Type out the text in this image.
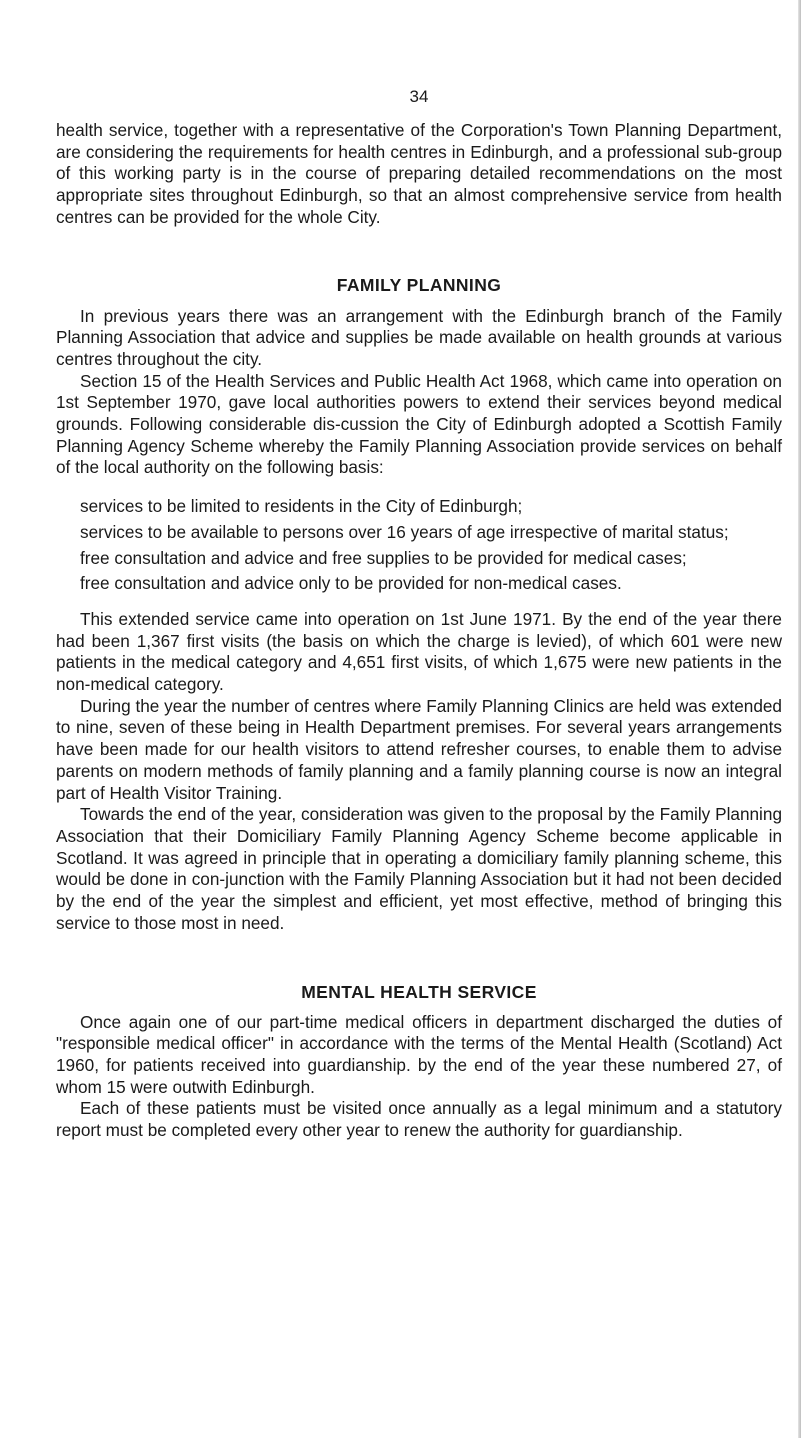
34

health service, together with a representative of the Corporation's Town Planning Department, are considering the requirements for health centres in Edinburgh, and a professional sub-group of this working party is in the course of preparing detailed recommendations on the most appropriate sites throughout Edinburgh, so that an almost comprehensive service from health centres can be provided for the whole City.

FAMILY PLANNING

In previous years there was an arrangement with the Edinburgh branch of the Family Planning Association that advice and supplies be made available on health grounds at various centres throughout the city.

Section 15 of the Health Services and Public Health Act 1968, which came into operation on 1st September 1970, gave local authorities powers to extend their services beyond medical grounds. Following considerable dis-cussion the City of Edinburgh adopted a Scottish Family Planning Agency Scheme whereby the Family Planning Association provide services on behalf of the local authority on the following basis:

services to be limited to residents in the City of Edinburgh;

services to be available to persons over 16 years of age irrespective of marital status;

free consultation and advice and free supplies to be provided for medical cases;

free consultation and advice only to be provided for non-medical cases.

This extended service came into operation on 1st June 1971. By the end of the year there had been 1,367 first visits (the basis on which the charge is levied), of which 601 were new patients in the medical category and 4,651 first visits, of which 1,675 were new patients in the non-medical category.

During the year the number of centres where Family Planning Clinics are held was extended to nine, seven of these being in Health Department premises. For several years arrangements have been made for our health visitors to attend refresher courses, to enable them to advise parents on modern methods of family planning and a family planning course is now an integral part of Health Visitor Training.

Towards the end of the year, consideration was given to the proposal by the Family Planning Association that their Domiciliary Family Planning Agency Scheme become applicable in Scotland. It was agreed in principle that in operating a domiciliary family planning scheme, this would be done in con-junction with the Family Planning Association but it had not been decided by the end of the year the simplest and efficient, yet most effective, method of bringing this service to those most in need.

MENTAL HEALTH SERVICE

Once again one of our part-time medical officers in department discharged the duties of "responsible medical officer" in accordance with the terms of the Mental Health (Scotland) Act 1960, for patients received into guardianship. by the end of the year these numbered 27, of whom 15 were outwith Edinburgh.

Each of these patients must be visited once annually as a legal minimum and a statutory report must be completed every other year to renew the authority for guardianship.
